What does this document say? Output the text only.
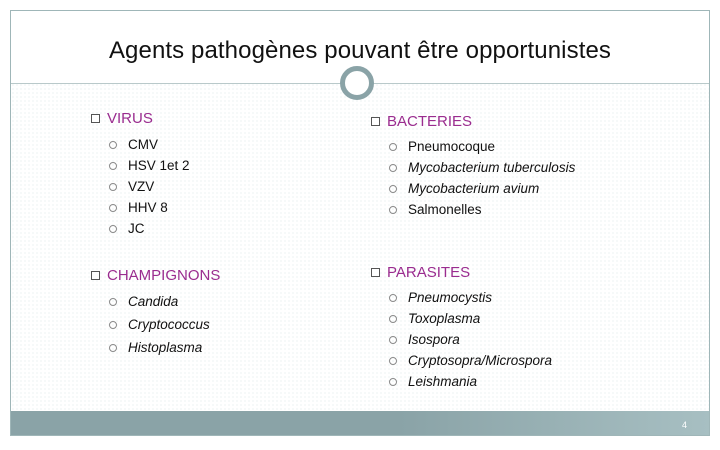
Agents pathogènes pouvant être opportunistes
VIRUS
CMV
HSV 1et 2
VZV
HHV 8
JC
BACTERIES
Pneumocoque
Mycobacterium tuberculosis
Mycobacterium avium
Salmonelles
CHAMPIGNONS
Candida
Cryptococcus
Histoplasma
PARASITES
Pneumocystis
Toxoplasma
Isospora
Cryptosopra/Microspora
Leishmania
4
